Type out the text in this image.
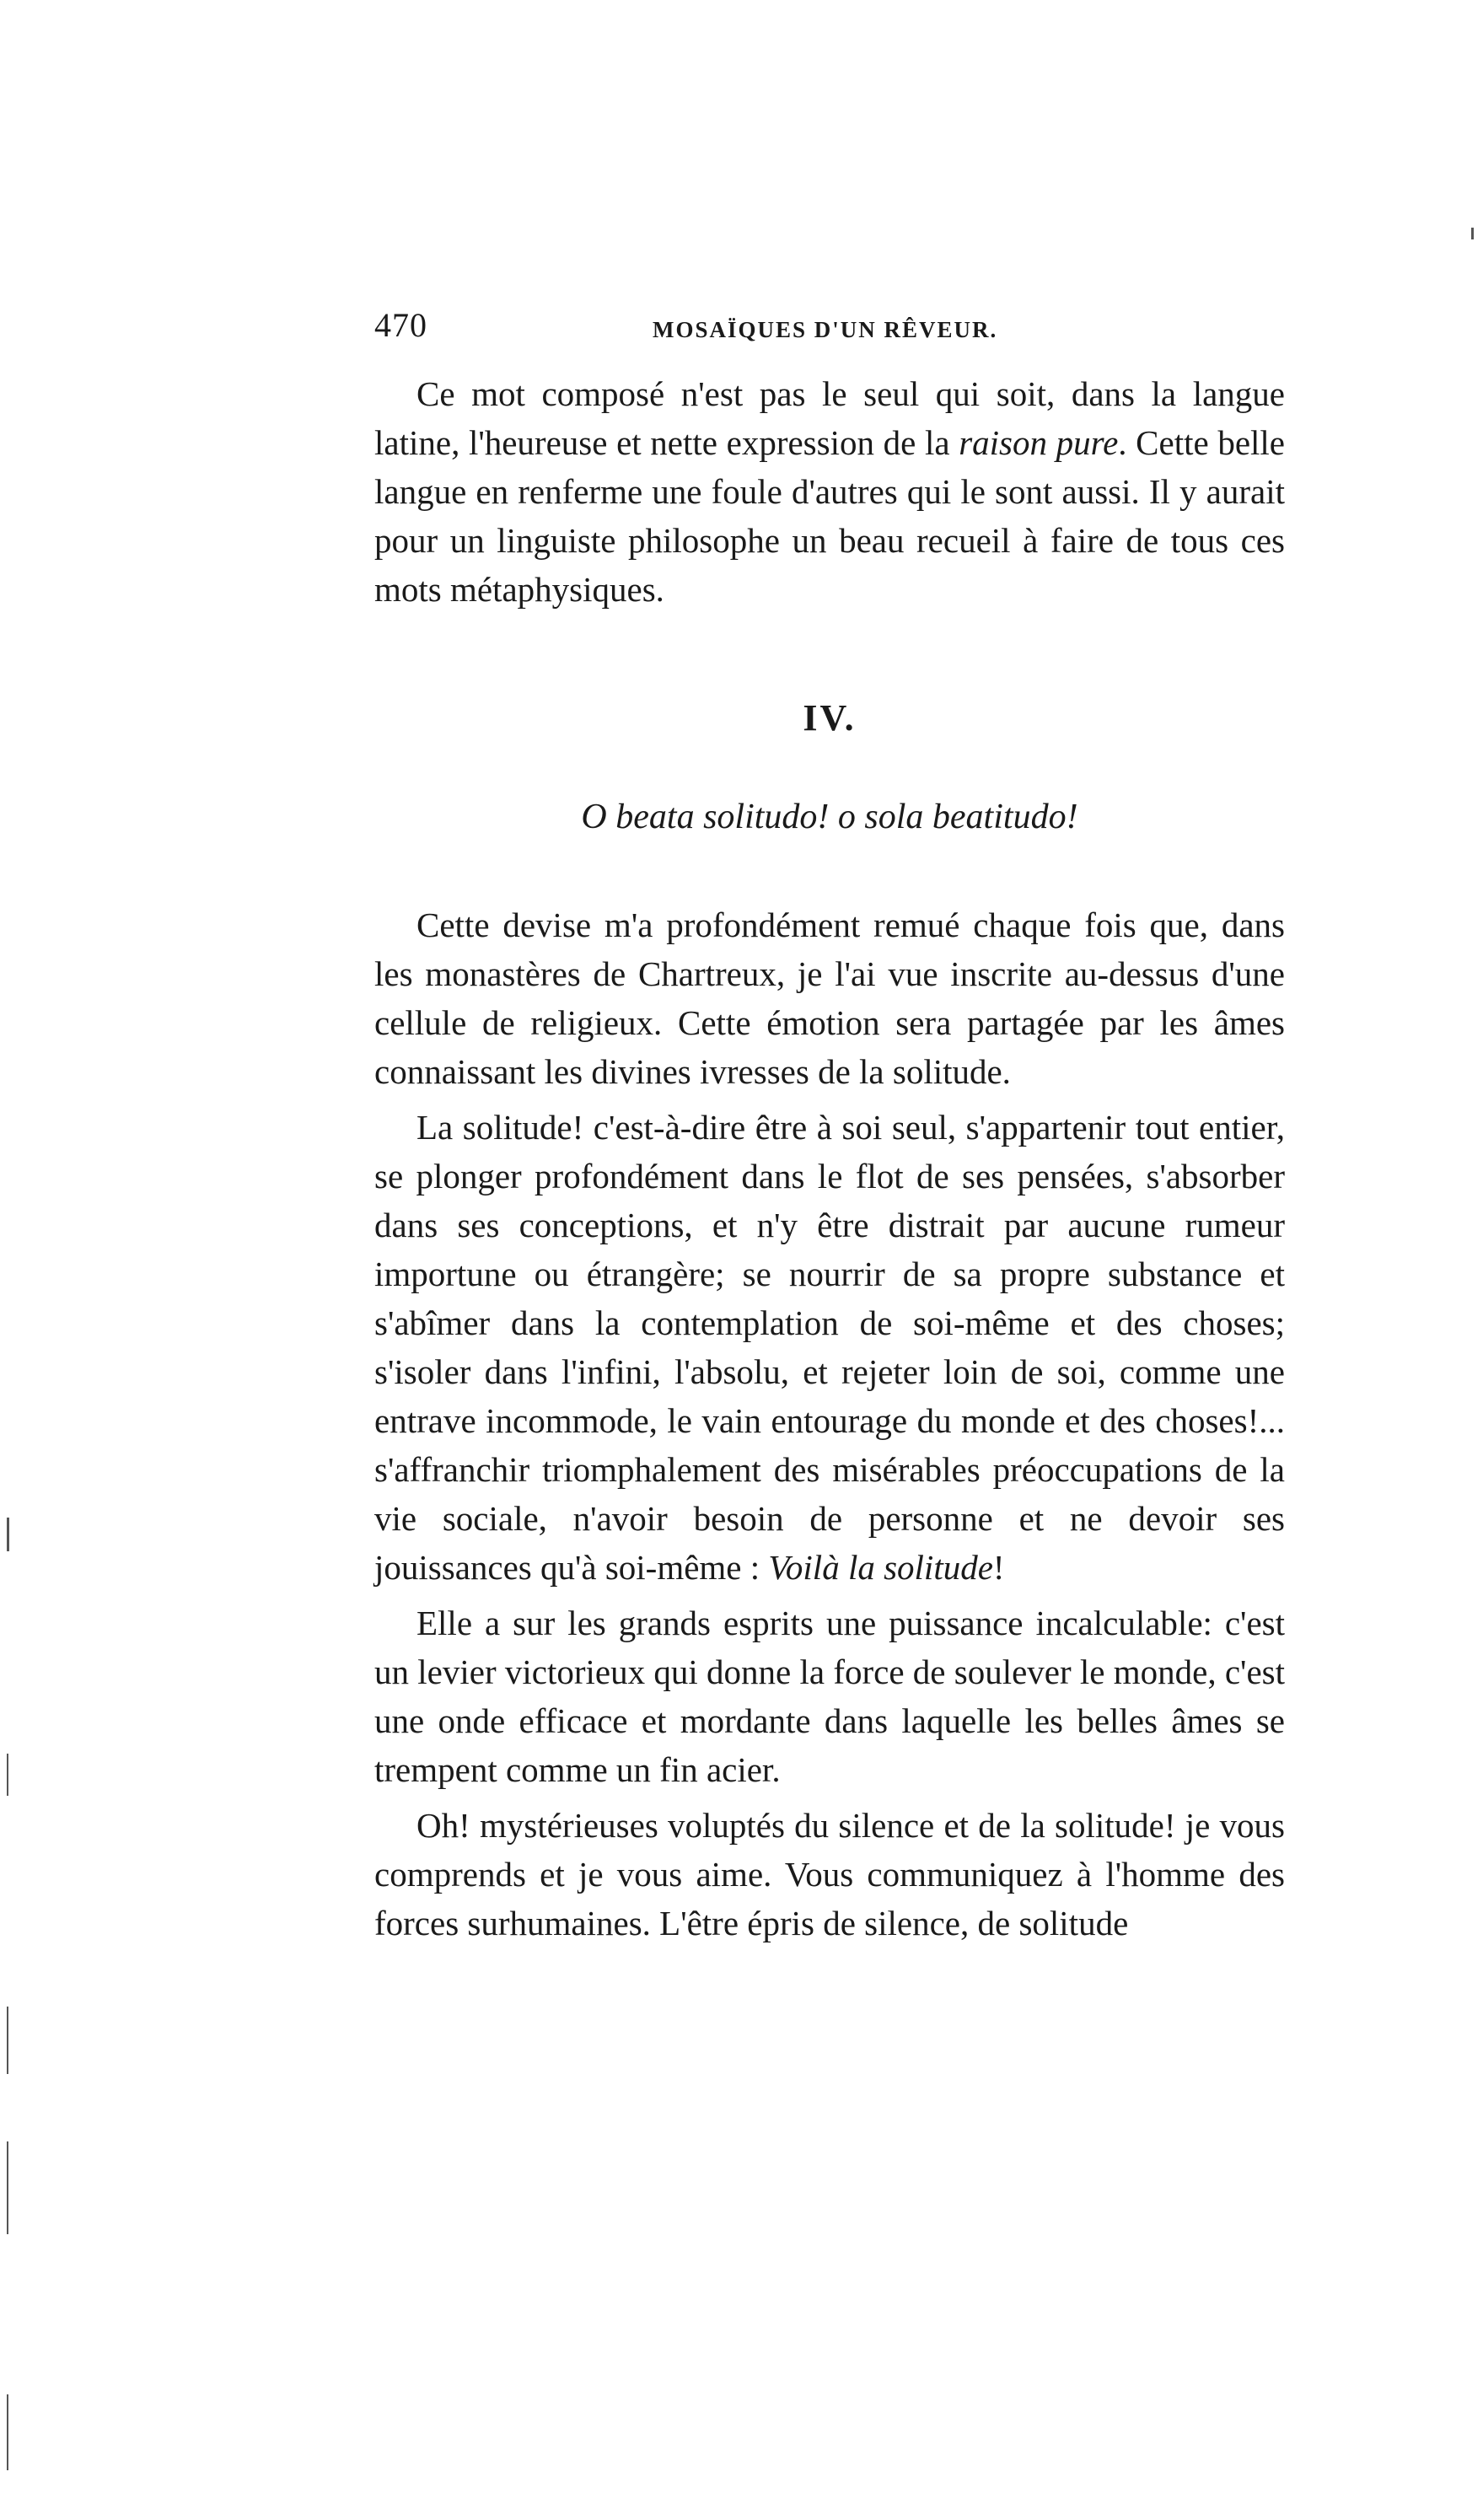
470	MOSAÏQUES D'UN RÊVEUR.

Ce mot composé n'est pas le seul qui soit, dans la langue latine, l'heureuse et nette expression de la raison pure. Cette belle langue en renferme une foule d'autres qui le sont aussi. Il y aurait pour un linguiste philosophe un beau recueil à faire de tous ces mots métaphysiques.

IV.
O beata solitudo! o sola beatitudo!

Cette devise m'a profondément remué chaque fois que, dans les monastères de Chartreux, je l'ai vue inscrite au-dessus d'une cellule de religieux. Cette émotion sera partagée par les âmes connaissant les divines ivresses de la solitude.

La solitude! c'est-à-dire être à soi seul, s'appartenir tout entier, se plonger profondément dans le flot de ses pensées, s'absorber dans ses conceptions, et n'y être distrait par aucune rumeur importune ou étrangère; se nourrir de sa propre substance et s'abîmer dans la contemplation de soi-même et des choses; s'isoler dans l'infini, l'absolu, et rejeter loin de soi, comme une entrave incommode, le vain entourage du monde et des choses!... s'affranchir triomphalement des misérables préoccupations de la vie sociale, n'avoir besoin de personne et ne devoir ses jouissances qu'à soi-même : Voilà la solitude!

Elle a sur les grands esprits une puissance incalculable: c'est un levier victorieux qui donne la force de soulever le monde, c'est une onde efficace et mordante dans laquelle les belles âmes se trempent comme un fin acier.

Oh! mystérieuses voluptés du silence et de la solitude! je vous comprends et je vous aime. Vous communiquez à l'homme des forces surhumaines. L'être épris de silence, de solitude
